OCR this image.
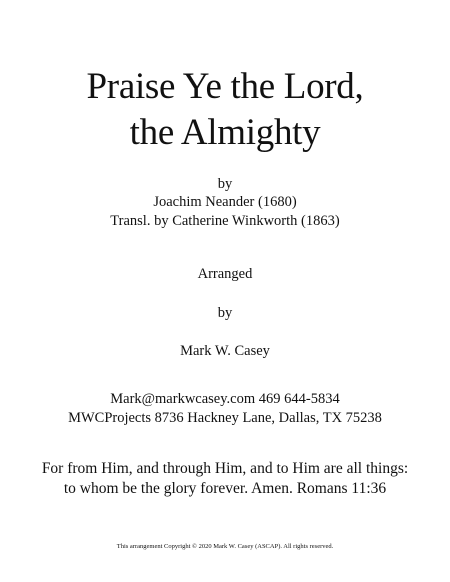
Praise Ye the Lord,
the Almighty
by
Joachim Neander (1680)
Transl. by Catherine Winkworth (1863)
Arranged
by
Mark W. Casey
Mark@markwcasey.com 469 644-5834
MWCProjects 8736 Hackney Lane, Dallas, TX 75238
For from Him, and through Him, and to Him are all things:
to whom be the glory forever. Amen. Romans 11:36
This arrangement Copyright © 2020 Mark W. Casey (ASCAP). All rights reserved.
